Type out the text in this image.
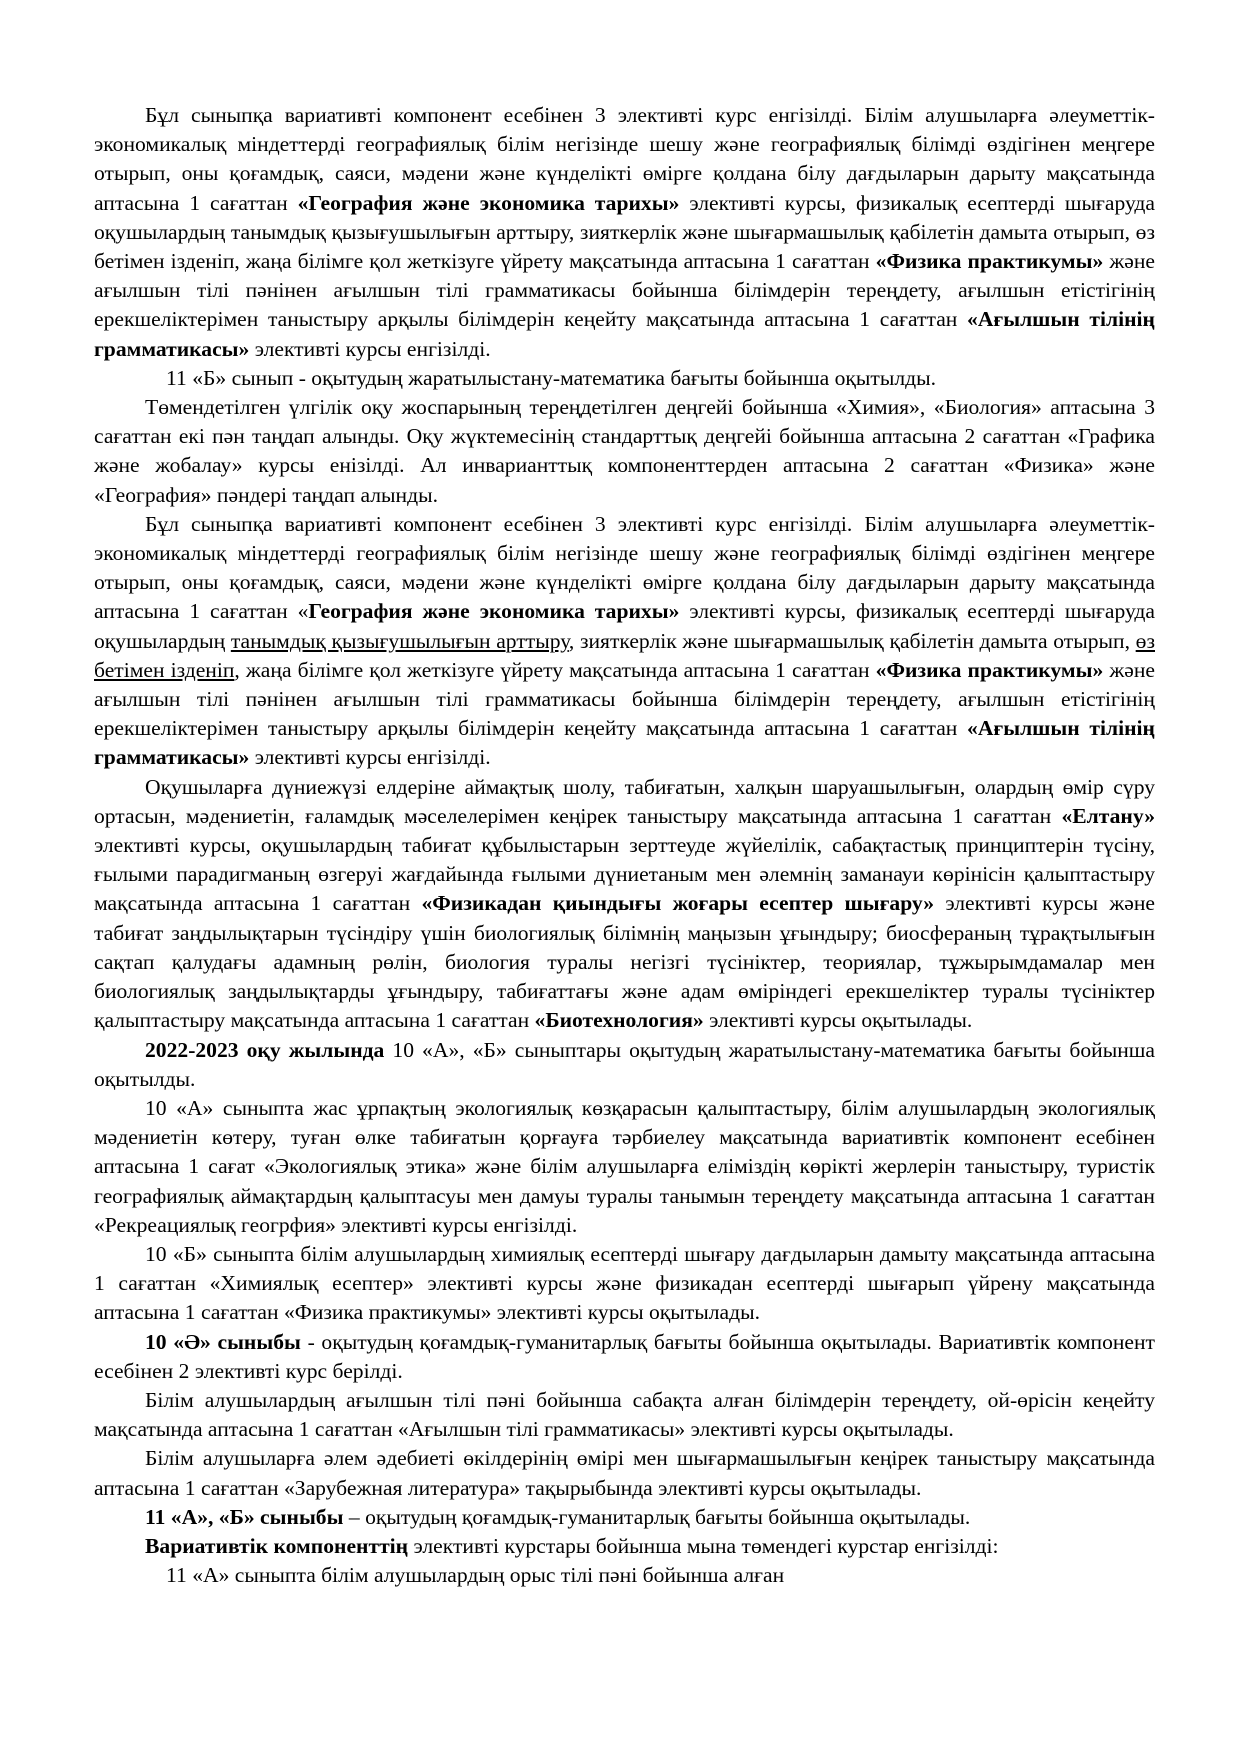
Бұл сыныпқа вариативті компонент есебінен 3 элективті курс енгізілді. Білім алушыларға әлеуметтік- экономикалық міндеттерді географиялық білім негізінде шешу және географиялық білімді өздігінен меңгере отырып, оны қоғамдық, саяси, мәдени және күнделікті өмірге қолдана білу дағдыларын дарыту мақсатында аптасына 1 сағаттан «География және экономика тарихы» элективті курсы, физикалық есептерді шығаруда оқушылардың танымдық қызығушылығын арттыру, зияткерлік және шығармашылық қабілетін дамыта отырып, өз бетімен ізденіп, жаңа білімге қол жеткізуге үйрету мақсатында аптасына 1 сағаттан «Физика практикумы» және ағылшын тілі пәнінен ағылшын тілі грамматикасы бойынша білімдерін тереңдету, ағылшын етістігінің ерекшеліктерімен таныстыру арқылы білімдерін кеңейту мақсатында аптасына 1 сағаттан «Ағылшын тілінің грамматикасы» элективті курсы енгізілді.

11 «Б» сынып - оқытудың жаратылыстану-математика бағыты бойынша оқытылды.

Төмендетілген үлгілік оқу жоспарының тереңдетілген деңгейі бойынша «Химия», «Биология» аптасына 3 сағаттан екі пән таңдап алынды. Оқу жүктемесінің стандарттық деңгейі бойынша аптасына 2 сағаттан «Графика және жобалау» курсы енізілді. Ал инварианттық компоненттерден аптасына 2 сағаттан «Физика» және «География» пәндері таңдап алынды.

Бұл сыныпқа вариативті компонент есебінен 3 элективті курс енгізілді. Білім алушыларға әлеуметтік- экономикалық міндеттерді географиялық білім негізінде шешу және географиялық білімді өздігінен меңгере отырып, оны қоғамдық, саяси, мәдени және күнделікті өмірге қолдана білу дағдыларын дарыту мақсатында аптасына 1 сағаттан «География және экономика тарихы» элективті курсы, физикалық есептерді шығаруда оқушылардың танымдық қызығушылығын арттыру, зияткерлік және шығармашылық қабілетін дамыта отырып, өз бетімен ізденіп, жаңа білімге қол жеткізуге үйрету мақсатында аптасына 1 сағаттан «Физика практикумы» және ағылшын тілі пәнінен ағылшын тілі грамматикасы бойынша білімдерін тереңдету, ағылшын етістігінің ерекшеліктерімен таныстыру арқылы білімдерін кеңейту мақсатында аптасына 1 сағаттан «Ағылшын тілінің грамматикасы» элективті курсы енгізілді.

Оқушыларға дүниежүзі елдеріне аймақтық шолу, табиғатын, халқын шаруашылығын, олардың өмір сүру ортасын, мәдениетін, ғаламдық мәселелерімен кеңірек таныстыру мақсатында аптасына 1 сағаттан «Елтану» элективті курсы, оқушылардың табиғат құбылыстарын зерттеуде жүйелілік, сабақтастық принциптерін түсіну, ғылыми парадигманың өзгеруі жағдайында ғылыми дүниетаным мен әлемнің заманауи көрінісін қалыптастыру мақсатында аптасына 1 сағаттан «Физикадан қиындығы жоғары есептер шығару» элективті курсы және табиғат заңдылықтарын түсіндіру үшін биологиялық білімнің маңызын ұғындыру; биосфераның тұрақтылығын сақтап қалудағы адамның рөлін, биология туралы негізгі түсініктер, теориялар, тұжырымдамалар мен биологиялық заңдылықтарды ұғындыру, табиғаттағы және адам өміріндегі ерекшеліктер туралы түсініктер қалыптастыру мақсатында аптасына 1 сағаттан «Биотехнология» элективті курсы оқытылады.

2022-2023 оқу жылында 10 «А», «Б» сыныптары оқытудың жаратылыстану-математика бағыты бойынша оқытылды.

10 «А» сыныпта жас ұрпақтың экологиялық көзқарасын қалыптастыру, білім алушылардың экологиялық мәдениетін көтеру, туған өлке табиғатын қорғауға тәрбиелеу мақсатында вариативтік компонент есебінен аптасына 1 сағат «Экологиялық этика» және білім алушыларға еліміздің көрікті жерлерін таныстыру, туристік географиялық аймақтардың қалыптасуы мен дамуы туралы танымын тереңдету мақсатында аптасына 1 сағаттан «Рекреациялық геогрфия» элективті курсы енгізілді.

10 «Б» сыныпта білім алушылардың химиялық есептерді шығару дағдыларын дамыту мақсатында аптасына 1 сағаттан «Химиялық есептер» элективті курсы және физикадан есептерді шығарып үйрену мақсатында аптасына 1 сағаттан «Физика практикумы» элективті курсы оқытылады.

10 «Ә» сыныбы - оқытудың қоғамдық-гуманитарлық бағыты бойынша оқытылады. Вариативтік компонент есебінен 2 элективті курс берілді.

Білім алушылардың ағылшын тілі пәні бойынша сабақта алған білімдерін тереңдету, ой-өрісін кеңейту мақсатында аптасына 1 сағаттан «Ағылшын тілі грамматикасы» элективті курсы оқытылады.

Білім алушыларға әлем әдебиеті өкілдерінің өмірі мен шығармашылығын кеңірек таныстыру мақсатында аптасына 1 сағаттан «Зарубежная литература» тақырыбында элективті курсы оқытылады.

11 «А», «Б» сыныбы – оқытудың қоғамдық-гуманитарлық бағыты бойынша оқытылады.

Вариативтік компоненттің элективті курстары бойынша мына төмендегі курстар енгізілді:

11 «А» сыныпта білім алушылардың орыс тілі пәні бойынша алған
